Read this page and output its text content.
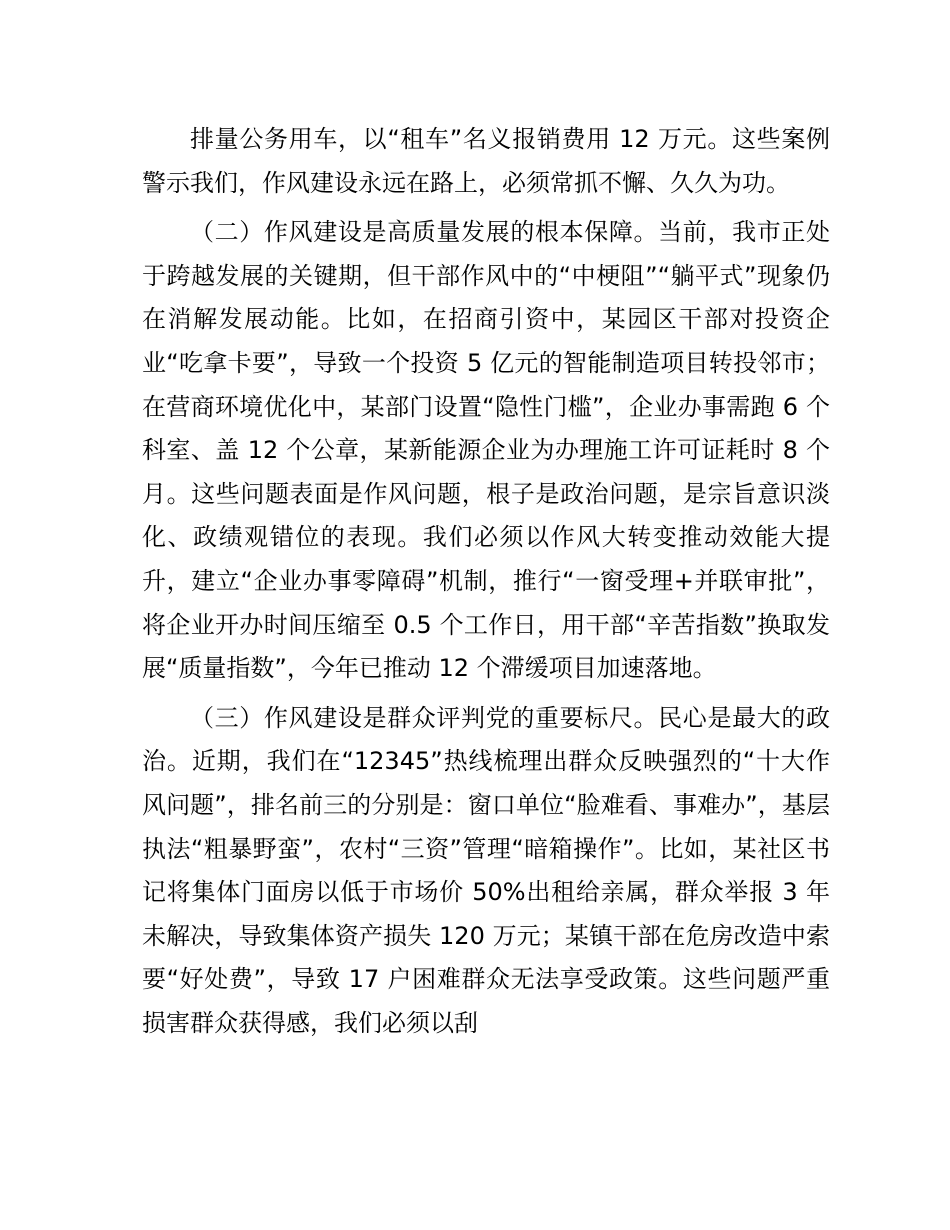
排量公务用车，以“租车”名义报销费用 12 万元。这些案例警示我们，作风建设永远在路上，必须常抓不懈、久久为功。

（二）作风建设是高质量发展的根本保障。当前，我市正处于跨越发展的关键期，但干部作风中的“中梗阻”“躺平式”现象仍在消解发展动能。比如，在招商引资中，某园区干部对投资企业“吃拿卡要”，导致一个投资 5 亿元的智能制造项目转投邻市；在营商环境优化中，某部门设置“隐性门槛”，企业办事需跑 6 个科室、盖 12 个公章，某新能源企业为办理施工许可证耗时 8 个月。这些问题表面是作风问题，根子是政治问题，是宗旨意识淡化、政绩观错位的表现。我们必须以作风大转变推动效能大提升，建立“企业办事零障碍”机制，推行“一窗受理+并联审批”，将企业开办时间压缩至 0.5 个工作日，用干部“辛苦指数”换取发展“质量指数”，今年已推动 12 个滞缓项目加速落地。

（三）作风建设是群众评判党的重要标尺。民心是最大的政治。近期，我们在“12345”热线梳理出群众反映强烈的“十大作风问题”，排名前三的分别是：窗口单位“脸难看、事难办”，基层执法“粗暴野蛮”，农村“三资”管理“暗箱操作”。比如，某社区书记将集体门面房以低于市场价 50%出租给亲属，群众举报 3 年未解决，导致集体资产损失 120 万元；某镇干部在危房改造中索要“好处费”，导致 17 户困难群众无法享受政策。这些问题严重损害群众获得感，我们必须以刮
